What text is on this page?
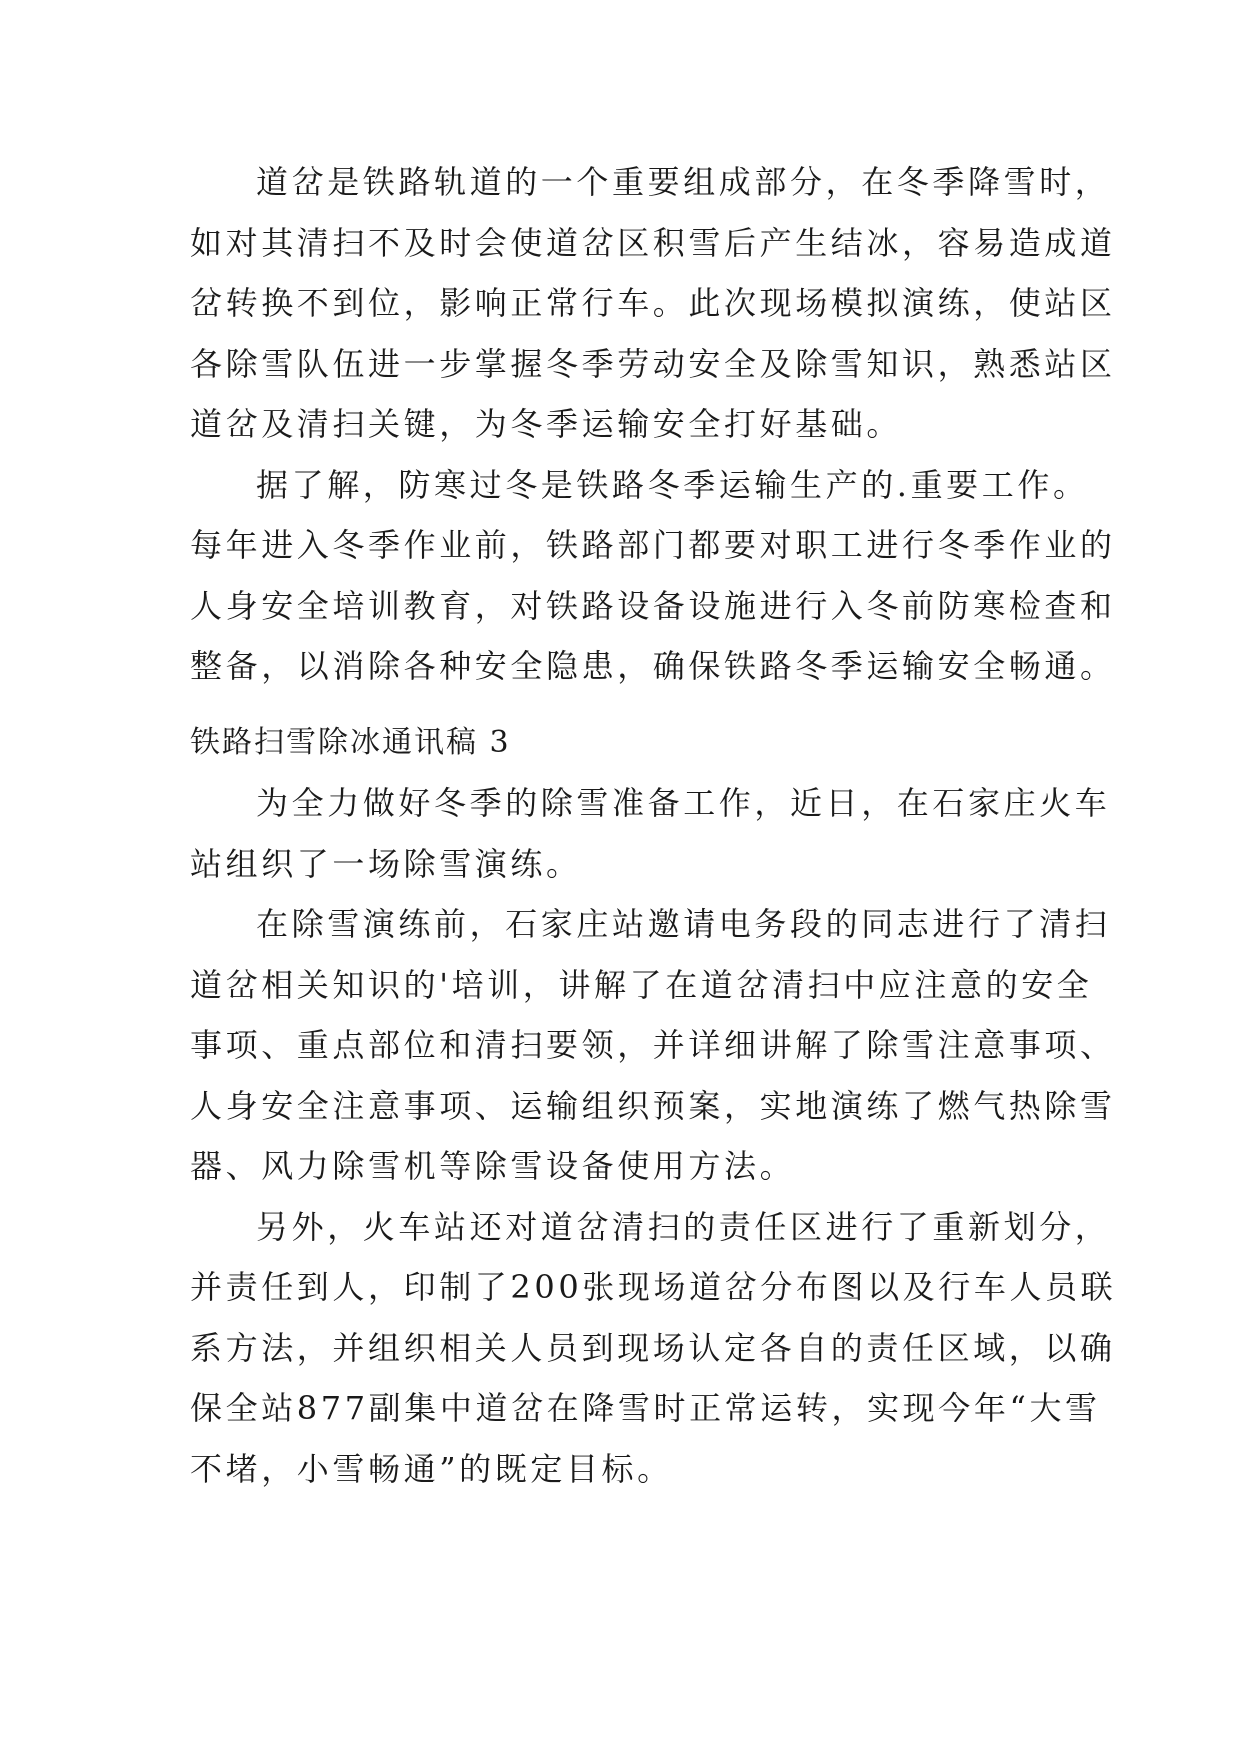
道岔是铁路轨道的一个重要组成部分，在冬季降雪时，
如对其清扫不及时会使道岔区积雪后产生结冰，容易造成道
岔转换不到位，影响正常行车。此次现场模拟演练，使站区
各除雪队伍进一步掌握冬季劳动安全及除雪知识，熟悉站区
道岔及清扫关键，为冬季运输安全打好基础。
据了解，防寒过冬是铁路冬季运输生产的.重要工作。
每年进入冬季作业前，铁路部门都要对职工进行冬季作业的
人身安全培训教育，对铁路设备设施进行入冬前防寒检查和
整备，以消除各种安全隐患，确保铁路冬季运输安全畅通。
铁路扫雪除冰通讯稿 3
为全力做好冬季的除雪准备工作，近日，在石家庄火车
站组织了一场除雪演练。
在除雪演练前，石家庄站邀请电务段的同志进行了清扫
道岔相关知识的'培训，讲解了在道岔清扫中应注意的安全
事项、重点部位和清扫要领，并详细讲解了除雪注意事项、
人身安全注意事项、运输组织预案，实地演练了燃气热除雪
器、风力除雪机等除雪设备使用方法。
另外，火车站还对道岔清扫的责任区进行了重新划分，
并责任到人，印制了200张现场道岔分布图以及行车人员联
系方法，并组织相关人员到现场认定各自的责任区域，以确
保全站877副集中道岔在降雪时正常运转，实现今年“大雪
不堵，小雪畅通”的既定目标。
